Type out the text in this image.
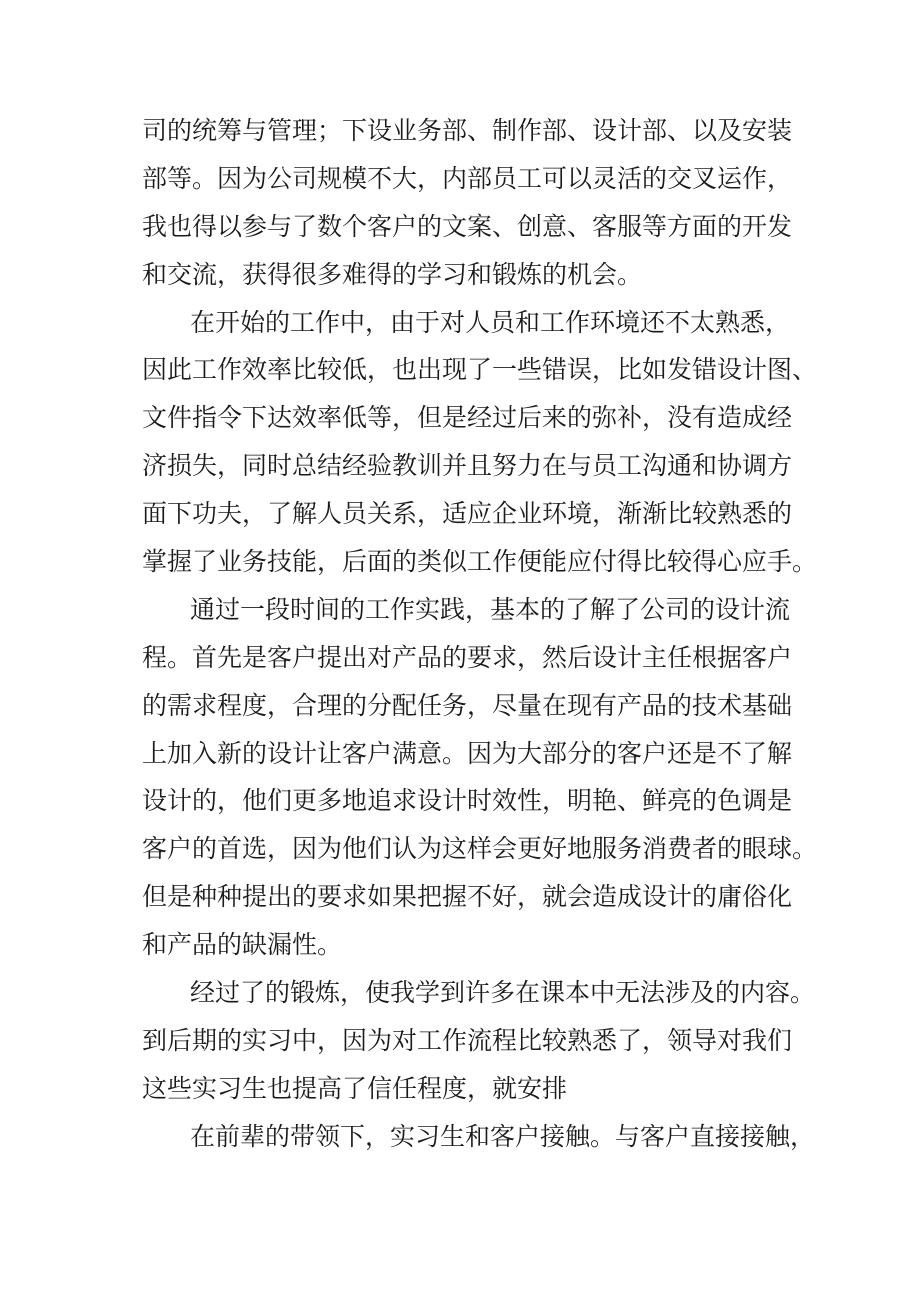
司的统筹与管理；下设业务部、制作部、设计部、以及安装
部等。因为公司规模不大，内部员工可以灵活的交叉运作，
我也得以参与了数个客户的文案、创意、客服等方面的开发
和交流，获得很多难得的学习和锻炼的机会。
在开始的工作中，由于对人员和工作环境还不太熟悉，
因此工作效率比较低，也出现了一些错误，比如发错设计图、
文件指令下达效率低等，但是经过后来的弥补，没有造成经
济损失，同时总结经验教训并且努力在与员工沟通和协调方
面下功夫，了解人员关系，适应企业环境，渐渐比较熟悉的
掌握了业务技能，后面的类似工作便能应付得比较得心应手。
通过一段时间的工作实践，基本的了解了公司的设计流
程。首先是客户提出对产品的要求，然后设计主任根据客户
的需求程度，合理的分配任务，尽量在现有产品的技术基础
上加入新的设计让客户满意。因为大部分的客户还是不了解
设计的，他们更多地追求设计时效性，明艳、鲜亮的色调是
客户的首选，因为他们认为这样会更好地服务消费者的眼球。
但是种种提出的要求如果把握不好，就会造成设计的庸俗化
和产品的缺漏性。
经过了的锻炼，使我学到许多在课本中无法涉及的内容。
到后期的实习中，因为对工作流程比较熟悉了，领导对我们
这些实习生也提高了信任程度，就安排
在前辈的带领下，实习生和客户接触。与客户直接接触，
